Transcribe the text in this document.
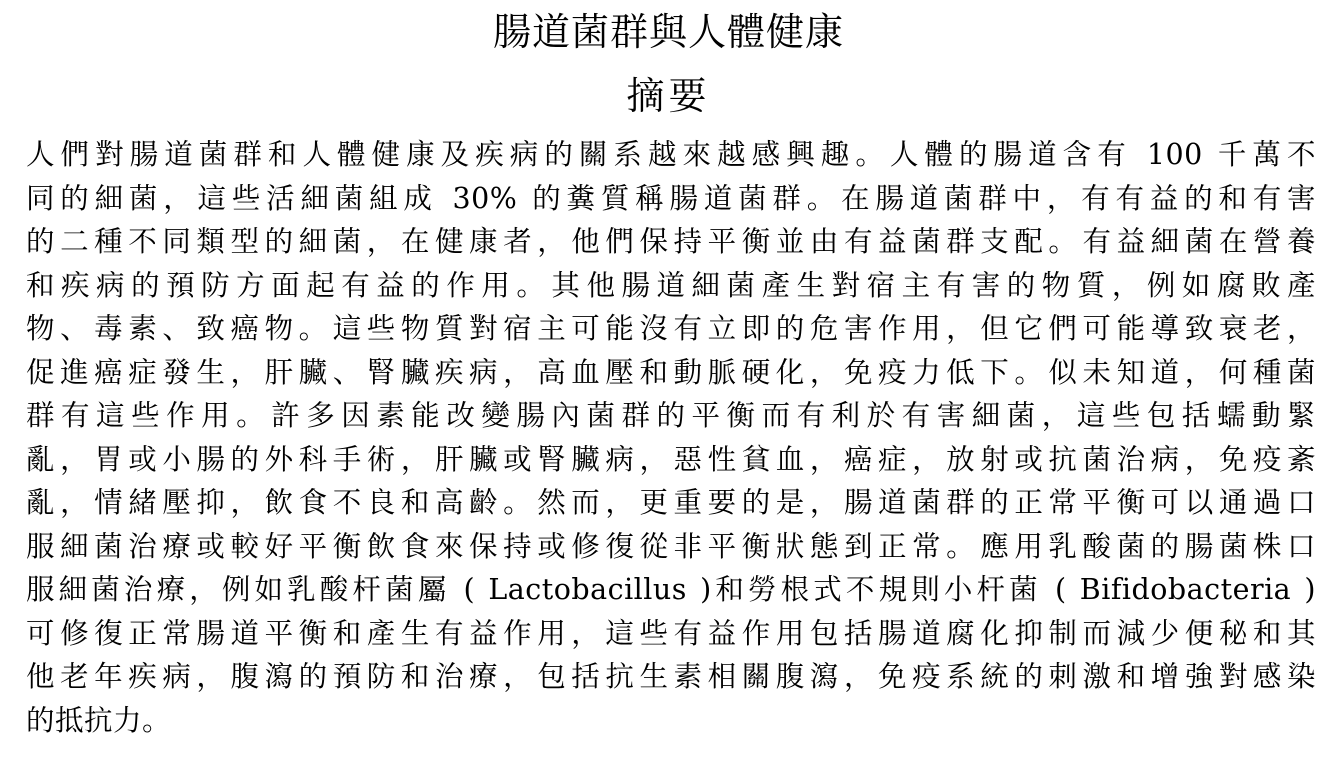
腸道菌群與人體健康
摘要
人們對腸道菌群和人體健康及疾病的關系越來越感興趣。人體的腸道含有 100 千萬不
同的細菌，這些活細菌組成 30% 的糞質稱腸道菌群。在腸道菌群中，有有益的和有害
的二種不同類型的細菌，在健康者，他們保持平衡並由有益菌群支配。有益細菌在營養
和疾病的預防方面起有益的作用。其他腸道細菌產生對宿主有害的物質，例如腐敗產
物、毒素、致癌物。這些物質對宿主可能沒有立即的危害作用，但它們可能導致衰老，
促進癌症發生，肝臟、腎臟疾病，高血壓和動脈硬化，免疫力低下。似未知道，何種菌
群有這些作用。許多因素能改變腸內菌群的平衡而有利於有害細菌，這些包括蠕動緊
亂，胃或小腸的外科手術，肝臟或腎臟病，惡性貧血，癌症，放射或抗菌治病，免疫紊
亂，情緒壓抑，飲食不良和高齡。然而，更重要的是，腸道菌群的正常平衡可以通過口
服細菌治療或較好平衡飲食來保持或修復從非平衡狀態到正常。應用乳酸菌的腸菌株口
服細菌治療，例如乳酸杆菌屬 ( Lactobacillus )和勞根式不規則小杆菌 ( Bifidobacteria )
可修復正常腸道平衡和產生有益作用，這些有益作用包括腸道腐化抑制而減少便秘和其
他老年疾病，腹瀉的預防和治療，包括抗生素相關腹瀉，免疫系統的刺激和增強對感染
的抵抗力。
